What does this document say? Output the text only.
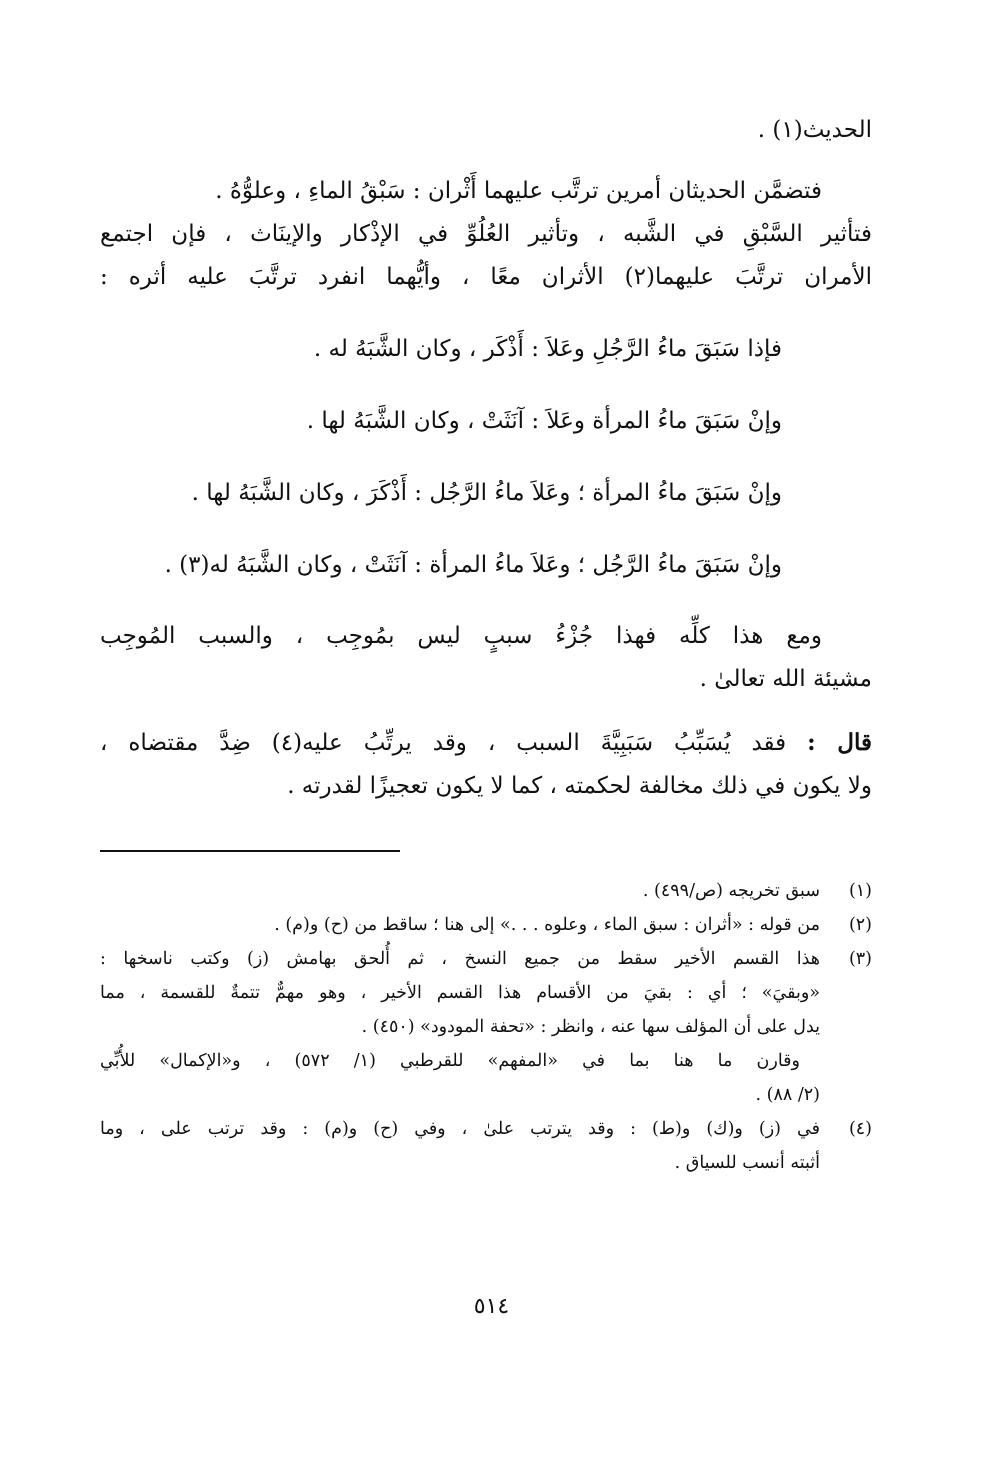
الحديث(١) .
فتضمَّن الحديثان أمرين ترتَّب عليهما أَثْران : سَبْقُ الماءِ ، وعلوُّهُ .
فتأثير السَّبْقِ في الشَّبه ، وتأثير العُلُوِّ في الإذْكار والإينَاث ، فإن اجتمع
الأمران ترتَّبَ عليهما(٢) الأثران معًا ، وأيُّهما انفرد ترتَّبَ عليه أثره :
فإذا سَبَقَ ماءُ الرَّجُلِ وعَلاَ : أَذْكَر ، وكان الشَّبَهُ له .
وإنْ سَبَقَ ماءُ المرأة وعَلاَ : آنَثَتْ ، وكان الشَّبَهُ لها .
وإنْ سَبَقَ ماءُ المرأة ؛ وعَلاَ ماءُ الرَّجُل : أَذْكَرَ ، وكان الشَّبَهُ لها .
وإنْ سَبَقَ ماءُ الرَّجُل ؛ وعَلاَ ماءُ المرأة : آنَثَتْ ، وكان الشَّبَهُ له(٣) .
ومع هذا كلِّه فهذا جُزْءُ سببٍ ليس بمُوجِب ، والسبب المُوجِب
مشيئة الله تعالىٰ .
قال : فقد يُسَبِّبُ سَبَبِيَّةَ السبب ، وقد يرتِّبُ عليه(٤) ضِدَّ مقتضاه ،
ولا يكون في ذلك مخالفة لحكمته ، كما لا يكون تعجيزًا لقدرته .
(١)
سبق تخريجه (ص/٤٩٩) .
(٢)
من قوله : «أثران : سبق الماء ، وعلوه . . .» إلى هنا ؛ ساقط من (ح) و(م) .
(٣)
هذا القسم الأخير سقط من جميع النسخ ، ثم أُلحق بهامش (ز) وكتب ناسخها :
«وبقيَ» ؛ أي : بقيَ من الأقسام هذا القسم الأخير ، وهو مهمٌّ تتمةٌ للقسمة ، مما
يدل على أن المؤلف سها عنه ، وانظر : «تحفة المودود» (٤٥٠) .
وقارن ما هنا بما في «المفهم» للقرطبي (١/ ٥٧٢) ، و«الإكمال» للأُبِّي
(٢/ ٨٨) .
(٤)
في (ز) و(ك) و(ط) : وقد يترتب علىٰ ، وفي (ح) و(م) : وقد ترتب على ، وما
أثبته أنسب للسياق .
٥١٤
